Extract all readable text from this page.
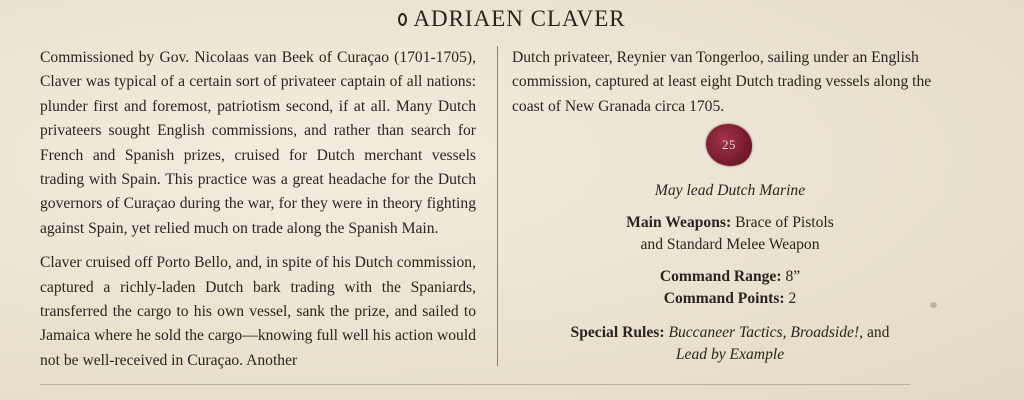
ADRIAEN CLAVER

Commissioned by Gov. Nicolaas van Beek of Curaçao (1701-1705), Claver was typical of a certain sort of privateer captain of all nations: plunder first and foremost, patriotism second, if at all. Many Dutch privateers sought English commissions, and rather than search for French and Spanish prizes, cruised for Dutch merchant vessels trading with Spain. This practice was a great headache for the Dutch governors of Curaçao during the war, for they were in theory fighting against Spain, yet relied much on trade along the Spanish Main.

Claver cruised off Porto Bello, and, in spite of his Dutch commission, captured a richly-laden Dutch bark trading with the Spaniards, transferred the cargo to his own vessel, sank the prize, and sailed to Jamaica where he sold the cargo—knowing full well his action would not be well-received in Curaçao. Another

Dutch privateer, Reynier van Tongerloo, sailing under an English commission, captured at least eight Dutch trading vessels along the coast of New Granada circa 1705.

25
May lead Dutch Marine
Main Weapons: Brace of Pistols
and Standard Melee Weapon
Command Range: 8”
Command Points: 2
Special Rules: Buccaneer Tactics, Broadside!, and
Lead by Example
